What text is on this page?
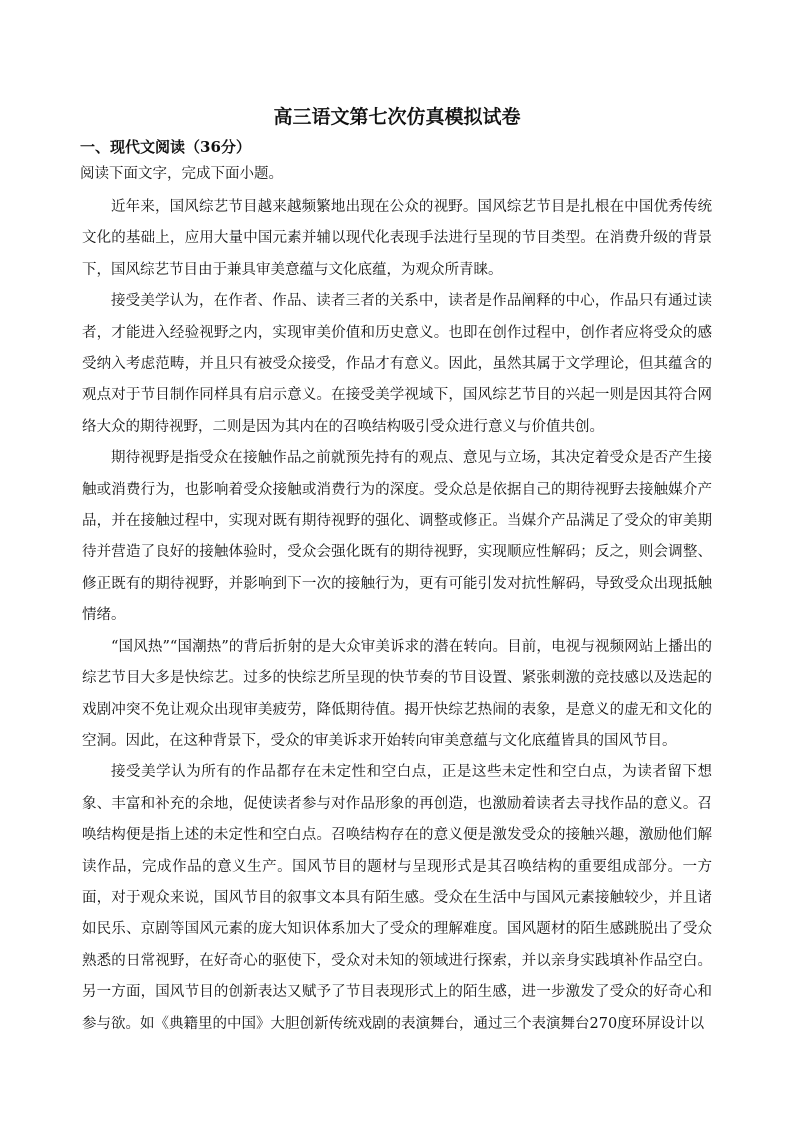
高三语文第七次仿真模拟试卷
一、现代文阅读（36分）
阅读下面文字，完成下面小题。

近年来，国风综艺节目越来越频繁地出现在公众的视野。国风综艺节目是扎根在中国优秀传统文化的基础上，应用大量中国元素并辅以现代化表现手法进行呈现的节目类型。在消费升级的背景下，国风综艺节目由于兼具审美意蕴与文化底蕴，为观众所青睐。

接受美学认为，在作者、作品、读者三者的关系中，读者是作品阐释的中心，作品只有通过读者，才能进入经验视野之内，实现审美价值和历史意义。也即在创作过程中，创作者应将受众的感受纳入考虑范畴，并且只有被受众接受，作品才有意义。因此，虽然其属于文学理论，但其蕴含的观点对于节目制作同样具有启示意义。在接受美学视域下，国风综艺节目的兴起一则是因其符合网络大众的期待视野，二则是因为其内在的召唤结构吸引受众进行意义与价值共创。

期待视野是指受众在接触作品之前就预先持有的观点、意见与立场，其决定着受众是否产生接触或消费行为，也影响着受众接触或消费行为的深度。受众总是依据自己的期待视野去接触媒介产品，并在接触过程中，实现对既有期待视野的强化、调整或修正。当媒介产品满足了受众的审美期待并营造了良好的接触体验时，受众会强化既有的期待视野，实现顺应性解码；反之，则会调整、修正既有的期待视野，并影响到下一次的接触行为，更有可能引发对抗性解码，导致受众出现抵触情绪。

“国风热”“国潮热”的背后折射的是大众审美诉求的潜在转向。目前，电视与视频网站上播出的综艺节目大多是快综艺。过多的快综艺所呈现的快节奏的节目设置、紧张刺激的竞技感以及迭起的戏剧冲突不免让观众出现审美疲劳，降低期待值。揭开快综艺热闹的表象，是意义的虚无和文化的空洞。因此，在这种背景下，受众的审美诉求开始转向审美意蕴与文化底蕴皆具的国风节目。

接受美学认为所有的作品都存在未定性和空白点，正是这些未定性和空白点，为读者留下想象、丰富和补充的余地，促使读者参与对作品形象的再创造，也激励着读者去寻找作品的意义。召唤结构便是指上述的未定性和空白点。召唤结构存在的意义便是激发受众的接触兴趣，激励他们解读作品，完成作品的意义生产。国风节目的题材与呈现形式是其召唤结构的重要组成部分。一方面，对于观众来说，国风节目的叙事文本具有陌生感。受众在生活中与国风元素接触较少，并且诸如民乐、京剧等国风元素的庞大知识体系加大了受众的理解难度。国风题材的陌生感跳脱出了受众熟悉的日常视野，在好奇心的驱使下，受众对未知的领域进行探索，并以亲身实践填补作品空白。另一方面，国风节目的创新表达又赋予了节目表现形式上的陌生感，进一步激发了受众的好奇心和参与欲。如《典籍里的中国》大胆创新传统戏剧的表演舞台，通过三个表演舞台270度环屏设计以
